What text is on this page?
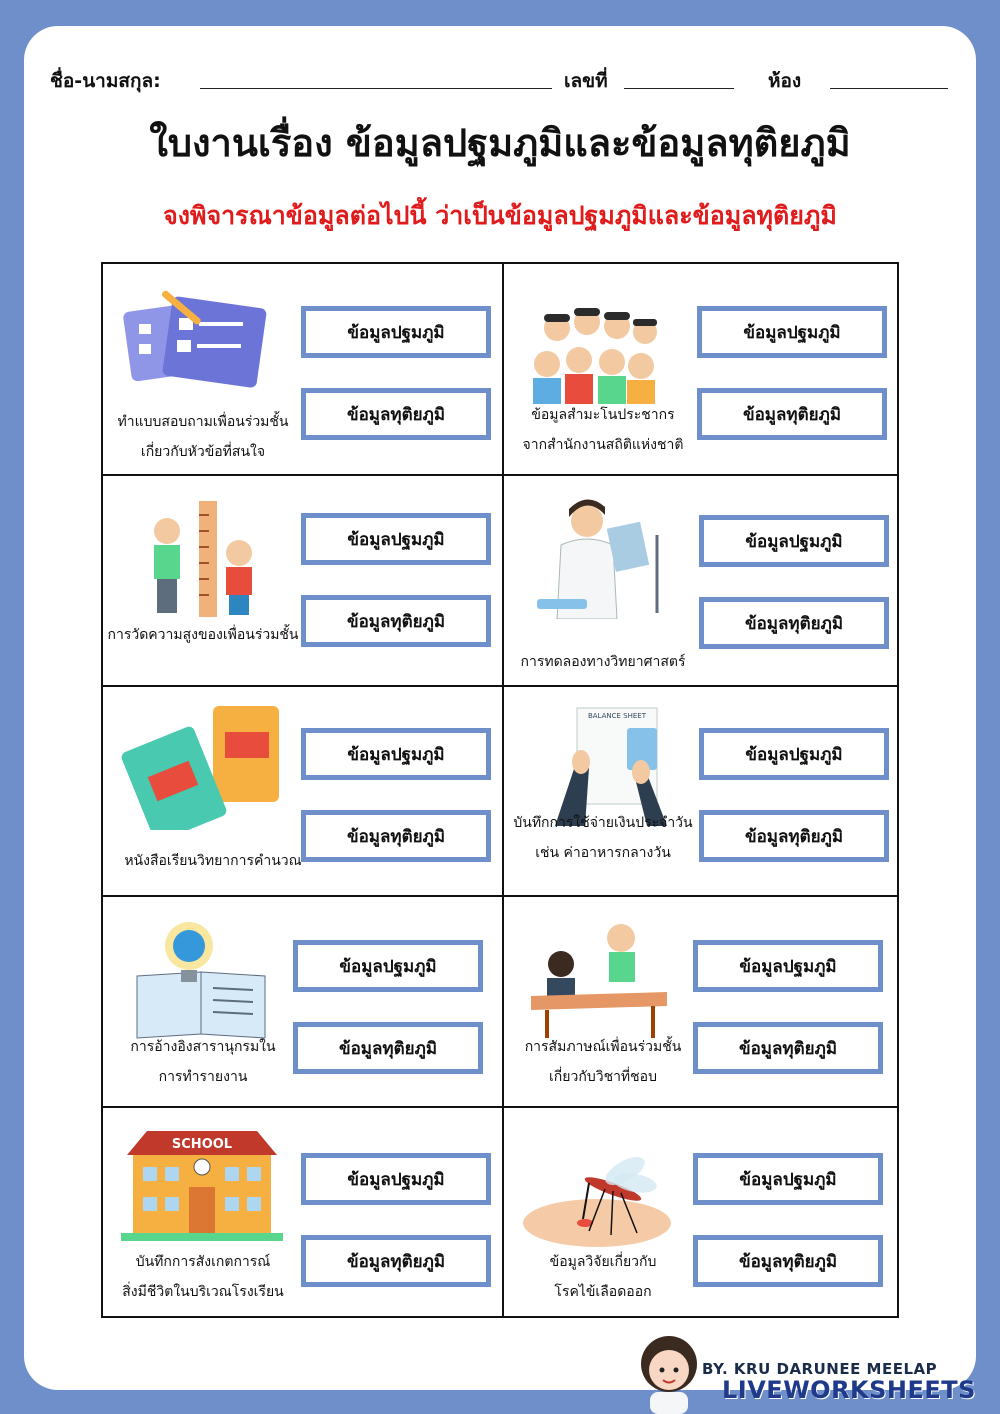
ชื่อ-นามสกุล:	เลขที่	ห้อง
ใบงานเรื่อง ข้อมูลปฐมภูมิและข้อมูลทุติยภูมิ
จงพิจารณาข้อมูลต่อไปนี้ ว่าเป็นข้อมูลปฐมภูมิและข้อมูลทุติยภูมิ
ข้อมูลปฐมภูมิ
ข้อมูลทุติยภูมิ
ทำแบบสอบถามเพื่อนร่วมชั้น
เกี่ยวกับหัวข้อที่สนใจ
ข้อมูลปฐมภูมิ
ข้อมูลทุติยภูมิ
ข้อมูลสำมะโนประชากร
จากสำนักงานสถิติแห่งชาติ
ข้อมูลปฐมภูมิ
ข้อมูลทุติยภูมิ
การวัดความสูงของเพื่อนร่วมชั้น
ข้อมูลปฐมภูมิ
ข้อมูลทุติยภูมิ
การทดลองทางวิทยาศาสตร์
ข้อมูลปฐมภูมิ
ข้อมูลทุติยภูมิ
หนังสือเรียนวิทยาการคำนวณ
BALANCE SHEET
ข้อมูลปฐมภูมิ
ข้อมูลทุติยภูมิ
บันทึกการใช้จ่ายเงินประจำวัน
เช่น ค่าอาหารกลางวัน
ข้อมูลปฐมภูมิ
ข้อมูลทุติยภูมิ
การอ้างอิงสารานุกรมใน
การทำรายงาน
ข้อมูลปฐมภูมิ
ข้อมูลทุติยภูมิ
การสัมภาษณ์เพื่อนร่วมชั้น
เกี่ยวกับวิชาที่ชอบ
SCHOOL
ข้อมูลปฐมภูมิ
ข้อมูลทุติยภูมิ
บันทึกการสังเกตการณ์
สิ่งมีชีวิตในบริเวณโรงเรียน
ข้อมูลปฐมภูมิ
ข้อมูลทุติยภูมิ
ข้อมูลวิจัยเกี่ยวกับ
โรคไข้เลือดออก
BY. KRU DARUNEE MEELAP
LIVEWORKSHEETS
